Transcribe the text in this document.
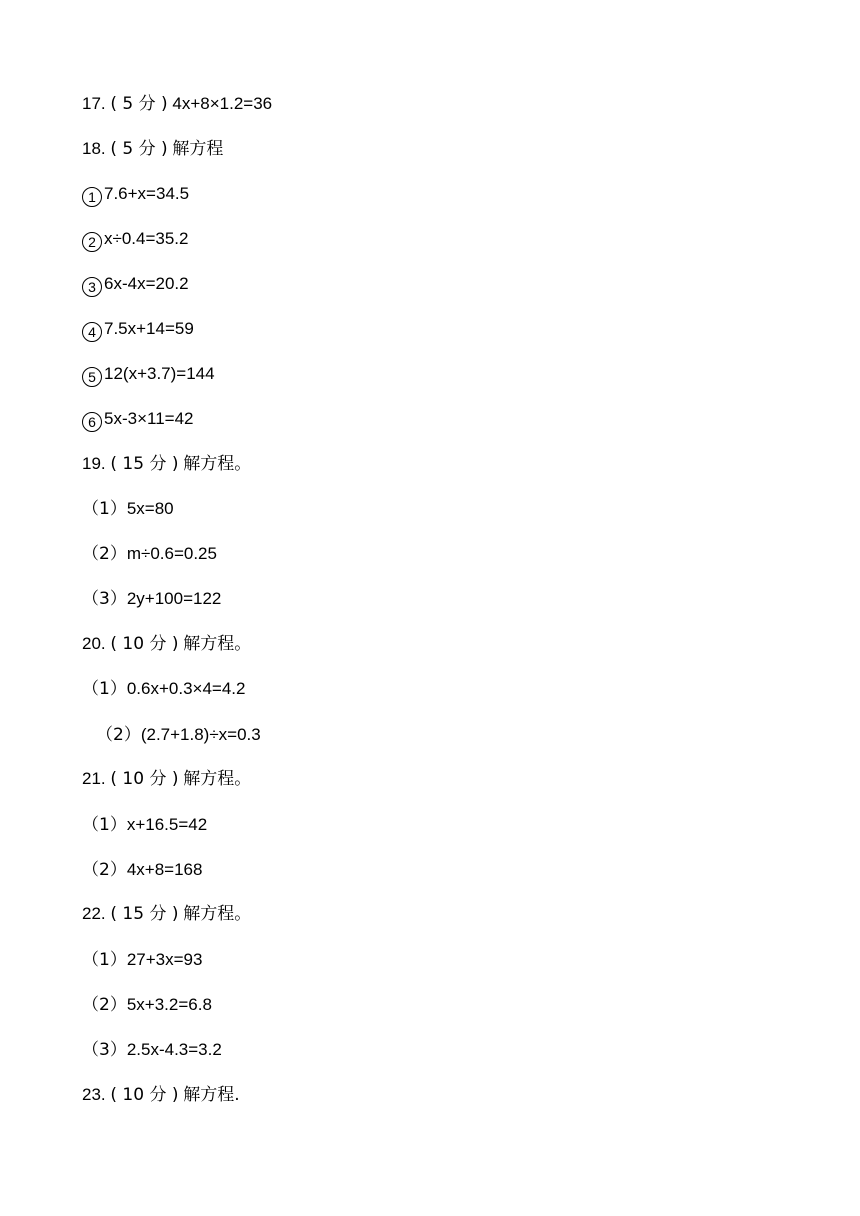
17. ( 5 分 ) 4x+8×1.2=36
18. ( 5 分 ) 解方程
1 7.6+x=34.5
2 x÷0.4=35.2
3 6x-4x=20.2
4 7.5x+14=59
5 12(x+3.7)=144
6 5x-3×11=42
19. ( 15 分 ) 解方程。
（1）5x=80
（2）m÷0.6=0.25
（3）2y+100=122
20. ( 10 分 ) 解方程。
（1）0.6x+0.3×4=4.2
（2）(2.7+1.8)÷x=0.3
21. ( 10 分 ) 解方程。
（1）x+16.5=42
（2）4x+8=168
22. ( 15 分 ) 解方程。
（1）27+3x=93
（2）5x+3.2=6.8
（3）2.5x-4.3=3.2
23. ( 10 分 ) 解方程.
